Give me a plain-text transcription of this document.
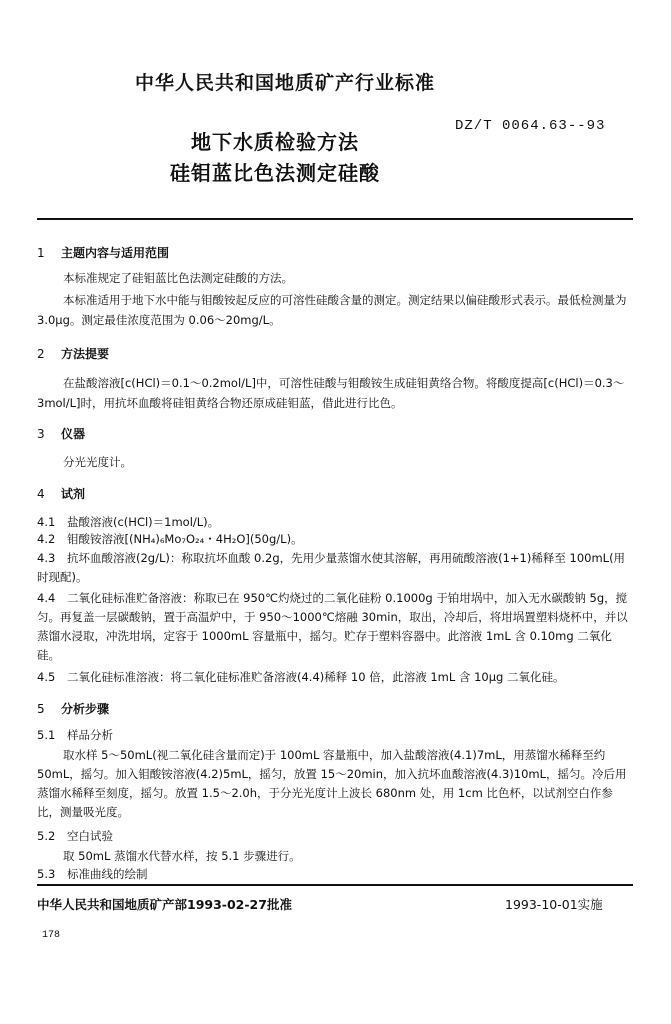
中华人民共和国地质矿产行业标准
DZ/T 0064.63--93
地下水质检验方法
硅钼蓝比色法测定硅酸
1 主题内容与适用范围
本标准规定了硅钼蓝比色法测定硅酸的方法。
本标准适用于地下水中能与钼酸铵起反应的可溶性硅酸含量的测定。测定结果以偏硅酸形式表示。最低检测量为 3.0μg。测定最佳浓度范围为 0.06～20mg/L。
2 方法提要
在盐酸溶液[c(HCl)＝0.1～0.2mol/L]中，可溶性硅酸与钼酸铵生成硅钼黄络合物。将酸度提高[c(HCl)＝0.3～3mol/L]时，用抗坏血酸将硅钼黄络合物还原成硅钼蓝，借此进行比色。
3 仪器
分光光度计。
4 试剂
4.1 盐酸溶液(c(HCl)＝1mol/L)。
4.2 钼酸铵溶液[(NH₄)₆Mo₇O₂₄・4H₂O](50g/L)。
4.3 抗坏血酸溶液(2g/L)：称取抗坏血酸 0.2g，先用少量蒸馏水使其溶解，再用硫酸溶液(1+1)稀释至 100mL(用时现配)。
4.4 二氧化硅标准贮备溶液：称取已在 950℃灼烧过的二氧化硅粉 0.1000g 于铂坩埚中，加入无水碳酸钠 5g，搅匀。再复盖一层碳酸钠，置于高温炉中，于 950～1000℃熔融 30min，取出，冷却后，将坩埚置塑料烧杯中，并以蒸馏水浸取，冲洗坩埚，定容于 1000mL 容量瓶中，摇匀。贮存于塑料容器中。此溶液 1mL 含 0.10mg 二氧化硅。
4.5 二氧化硅标准溶液：将二氧化硅标准贮备溶液(4.4)稀释 10 倍，此溶液 1mL 含 10μg 二氧化硅。
5 分析步骤
5.1 样品分析
取水样 5～50mL(视二氧化硅含量而定)于 100mL 容量瓶中，加入盐酸溶液(4.1)7mL，用蒸馏水稀释至约 50mL，摇匀。加入钼酸铵溶液(4.2)5mL，摇匀，放置 15～20min，加入抗坏血酸溶液(4.3)10mL，摇匀。冷后用蒸馏水稀释至刻度，摇匀。放置 1.5～2.0h，于分光光度计上波长 680nm 处，用 1cm 比色杯，以试剂空白作参比，测量吸光度。
5.2 空白试验
取 50mL 蒸馏水代替水样，按 5.1 步骤进行。
5.3 标准曲线的绘制
中华人民共和国地质矿产部1993-02-27批准	1993-10-01实施
178
